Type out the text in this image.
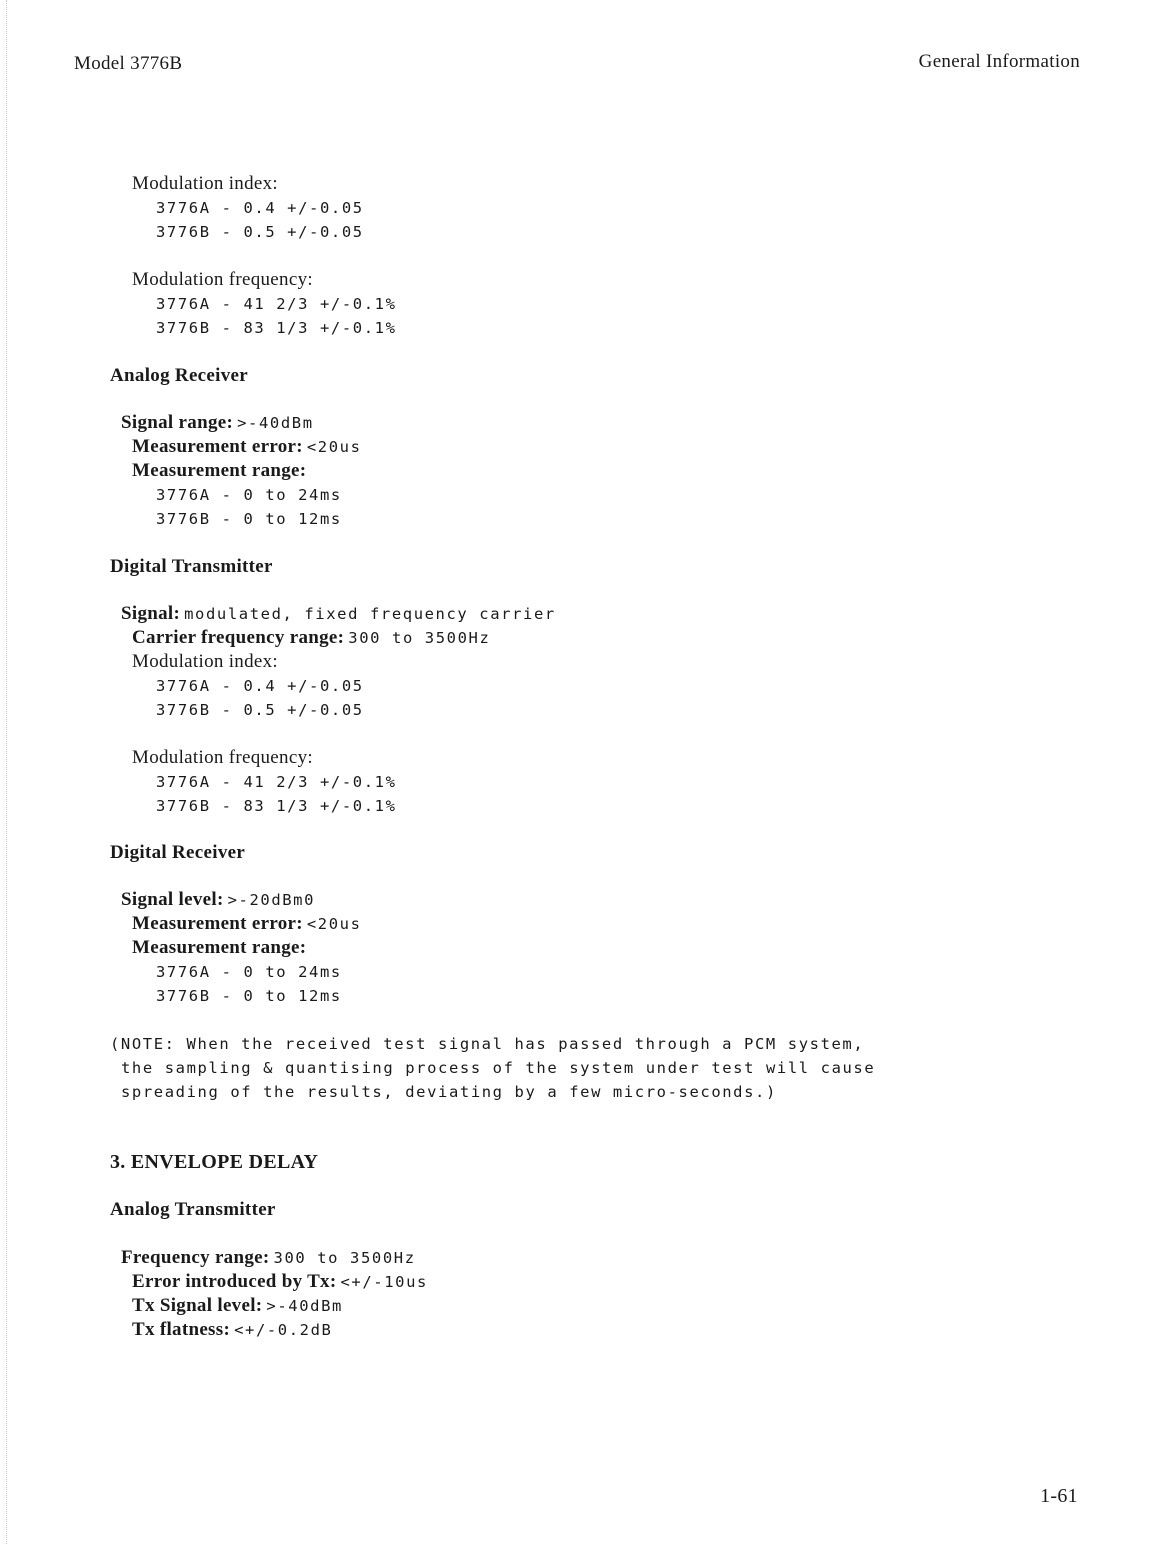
Model 3776B	General Information
Modulation index:
3776A - 0.4 +/-0.05
3776B - 0.5 +/-0.05
Modulation frequency:
3776A - 41 2/3 +/-0.1%
3776B - 83 1/3 +/-0.1%
Analog Receiver
Signal range: >-40dBm
Measurement error: <20us
Measurement range:
3776A - 0 to 24ms
3776B - 0 to 12ms
Digital Transmitter
Signal: modulated, fixed frequency carrier
Carrier frequency range: 300 to 3500Hz
Modulation index:
3776A - 0.4 +/-0.05
3776B - 0.5 +/-0.05
Modulation frequency:
3776A - 41 2/3 +/-0.1%
3776B - 83 1/3 +/-0.1%
Digital Receiver
Signal level: >-20dBm0
Measurement error: <20us
Measurement range:
3776A - 0 to 24ms
3776B - 0 to 12ms
(NOTE: When the received test signal has passed through a PCM system,
the sampling & quantising process of the system under test will cause
spreading of the results, deviating by a few micro-seconds.)
3. ENVELOPE DELAY
Analog Transmitter
Frequency range: 300 to 3500Hz
Error introduced by Tx: <+/-10us
Tx Signal level: >-40dBm
Tx flatness: <+/-0.2dB
1-61
